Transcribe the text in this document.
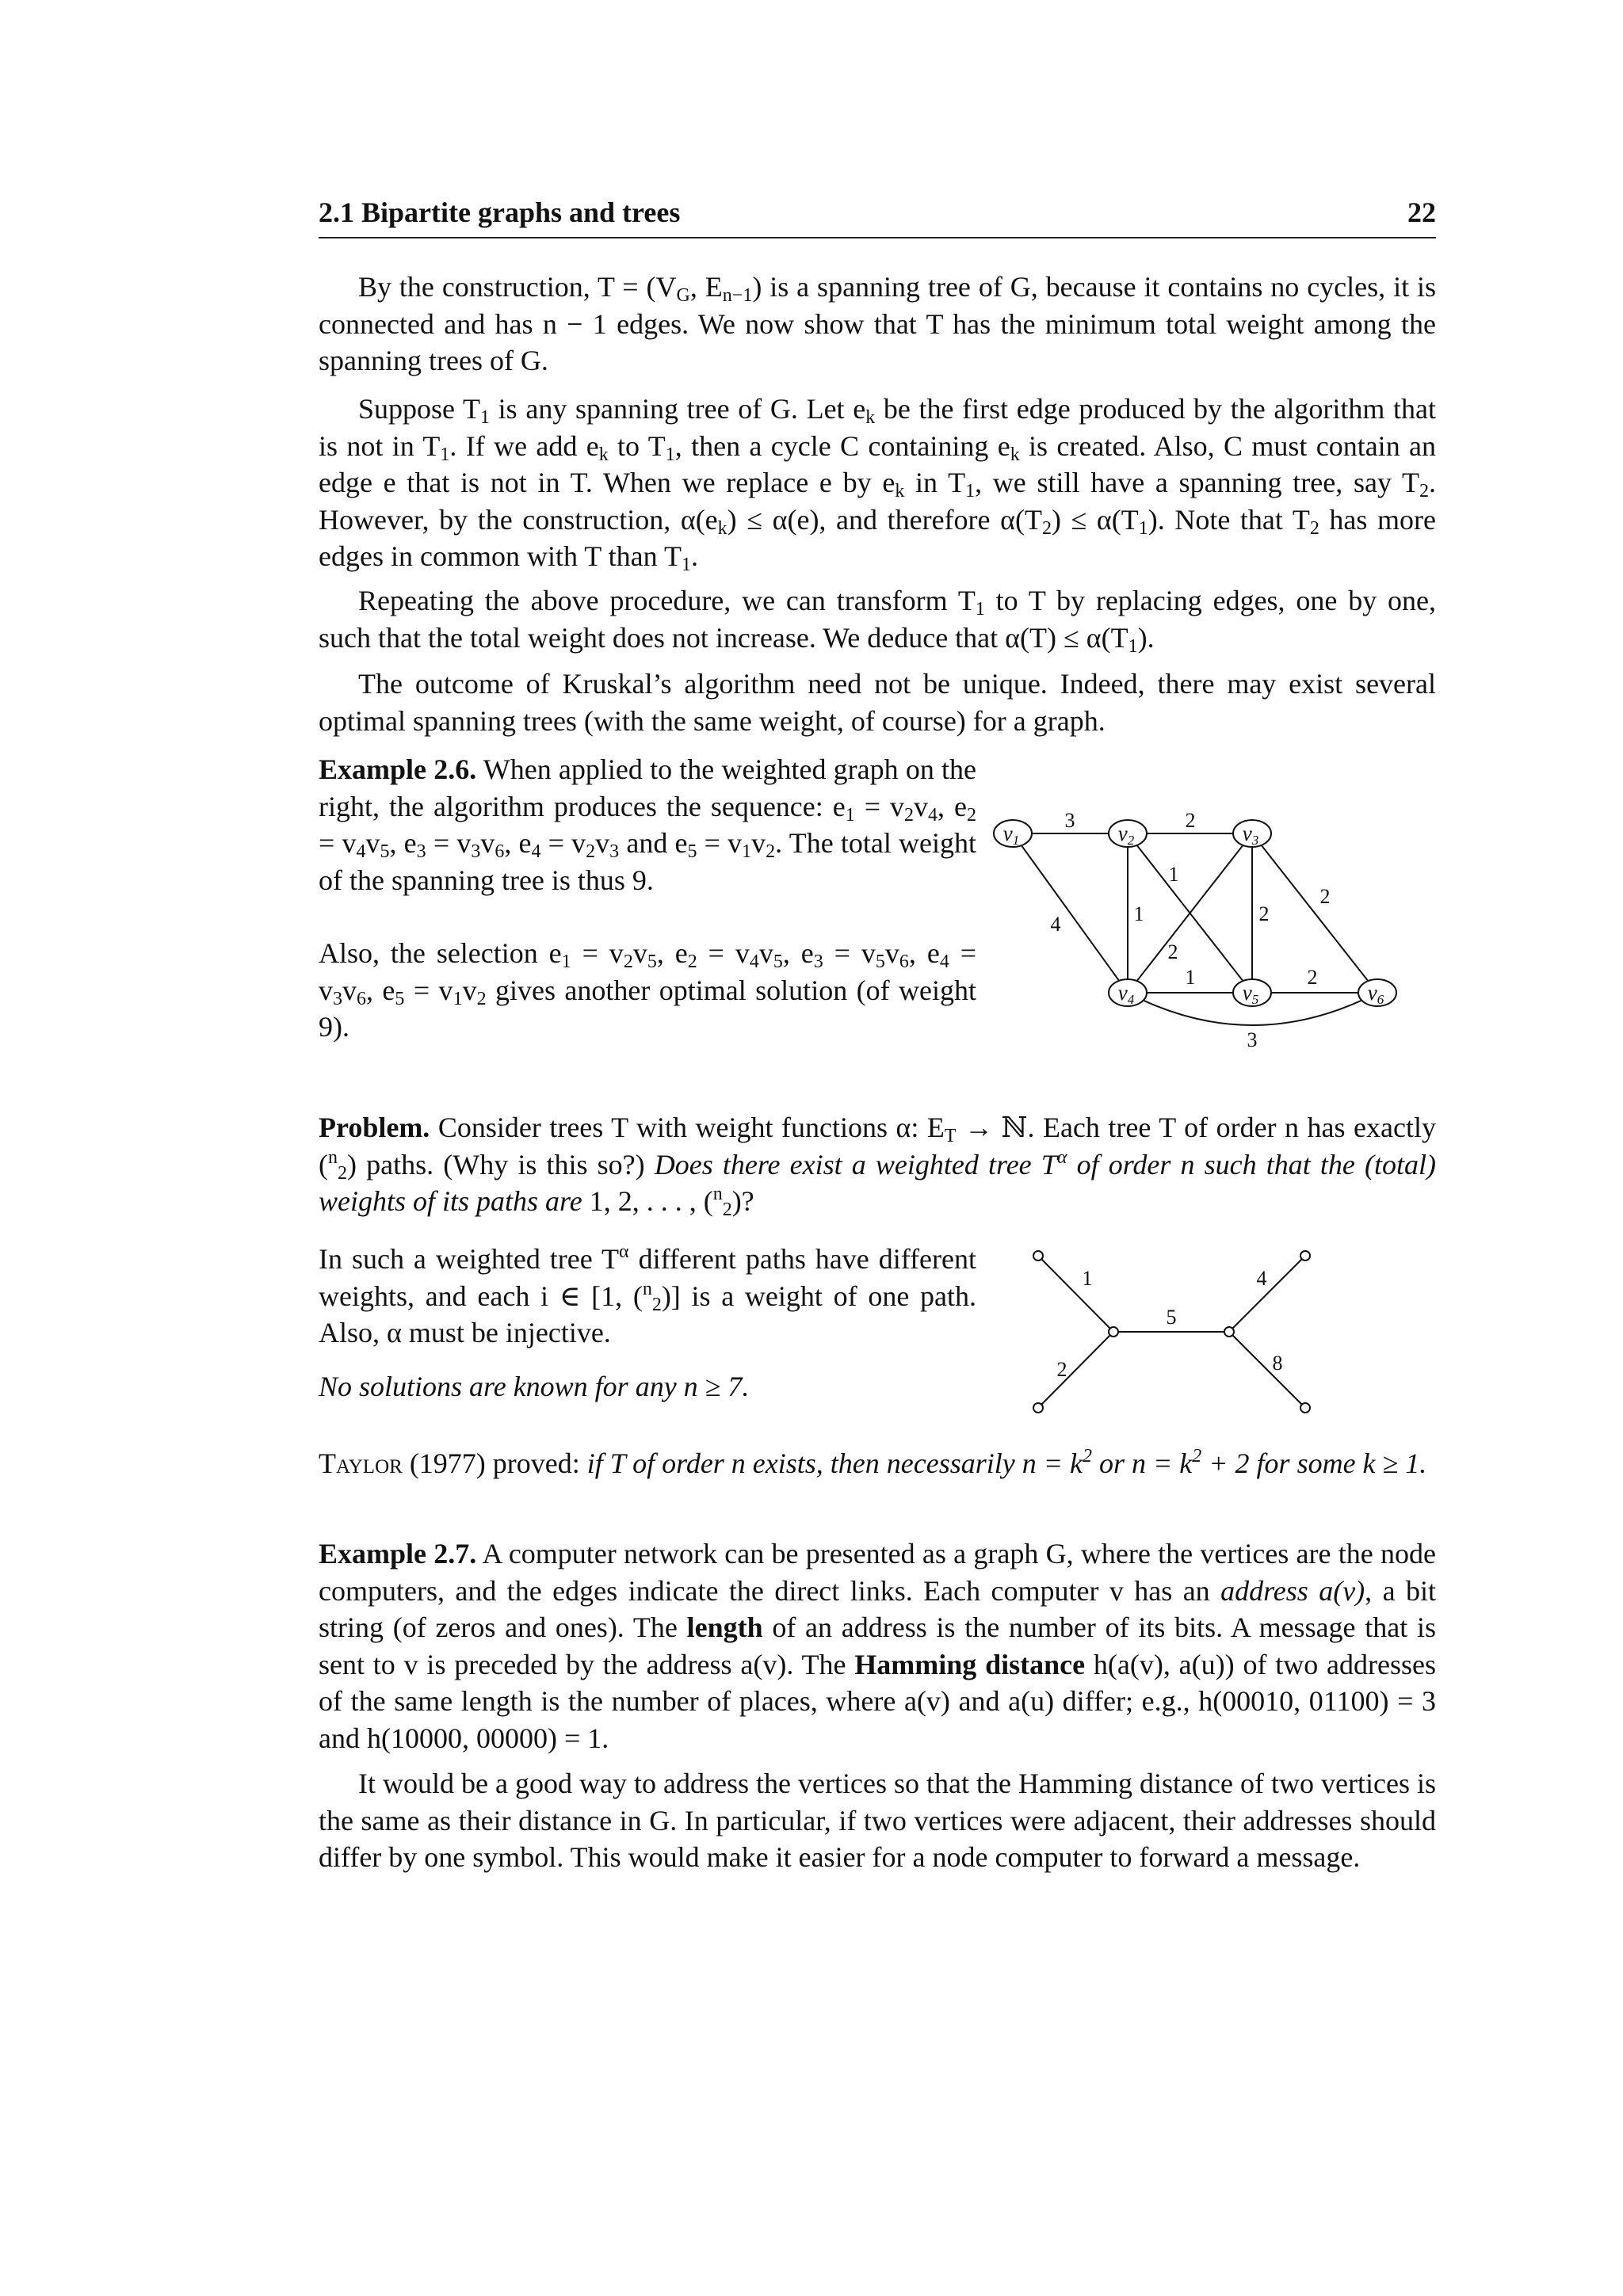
2.1 Bipartite graphs and trees	22

By the construction, $T = (V_G$, $E_{n-1}$) is a spanning tree of G, because it contains no cycles, it is connected and has n − 1 edges. We now show that T has the minimum total weight among the spanning trees of G.

Suppose $T_1$ is any spanning tree of G. Let $e_k$ be the first edge produced by the algorithm that is not in $T_1$. If we add $e_k$ to $T_1$, then a cycle C containing $e_k$ is created. Also, C must contain an edge e that is not in T. When we replace e by $e_k$ in $T_1$, we still have a spanning tree, say $T_2$. However, by the construction, $\alpha(e_k) \le \alpha(e)$, and therefore $\alpha(T_2) \le \alpha(T_1)$. Note that $T_2$ has more edges in common with T than $T_1$.

Repeating the above procedure, we can transform $T_1$ to T by replacing edges, one by one, such that the total weight does not increase. We deduce that $\alpha(T) \le \alpha(T_1)$.

The outcome of Kruskal’s algorithm need not be unique. Indeed, there may exist several optimal spanning trees (with the same weight, of course) for a graph.

Example 2.6. When applied to the weighted graph on the right, the algorithm produces the sequence: $e_1 = v_2v_4$, $e_2 = v_4v_5$, $e_3 = v_3v_6$, $e_4 = v_2v_3$ and $e_5 = v_1v_2$. The total weight of the spanning tree is thus 9.

Also, the selection $e_1 = v_2v_5$, $e_2 = v_4v_5$, $e_3 = v_5v_6$, $e_4 = v_3v_6$, $e_5 = v_1v_2$ gives another optimal solution (of weight 9).

Problem. Consider trees T with weight functions α: $E_T$ → ℕ. Each tree T of order n has exactly ($^n_2$) paths. (Why is this so?) Does there exist a weighted tree $T^\alpha$ of order n such that the (total) weights of its paths are 1, 2, . . . , ($^n_2$)?

In such a weighted tree $T^\alpha$ different paths have different weights, and each i ∈ [1, ($^n_2$)] is a weight of one path. Also, α must be injective.

No solutions are known for any n ≥ 7.

Taylor (1977) proved: if T of order n exists, then necessarily $n = k^2$ or $n = k^2 + 2$ for some k ≥ 1.

Example 2.7. A computer network can be presented as a graph G, where the vertices are the node computers, and the edges indicate the direct links. Each computer v has an address a(v), a bit string (of zeros and ones). The length of an address is the number of its bits. A message that is sent to v is preceded by the address a(v). The Hamming distance h(a(v), a(u)) of two addresses of the same length is the number of places, where a(v) and a(u) differ; e.g., h(00010, 01100) = 3 and h(10000, 00000) = 1.

It would be a good way to address the vertices so that the Hamming distance of two vertices is the same as their distance in G. In particular, if two vertices were adjacent, their addresses should differ by one symbol. This would make it easier for a node computer to forward a message.

v1	v2	v3
v4	v5	v6
3	2
1
1
2
2
2
4
1	2
3
1
2
5
4
8
